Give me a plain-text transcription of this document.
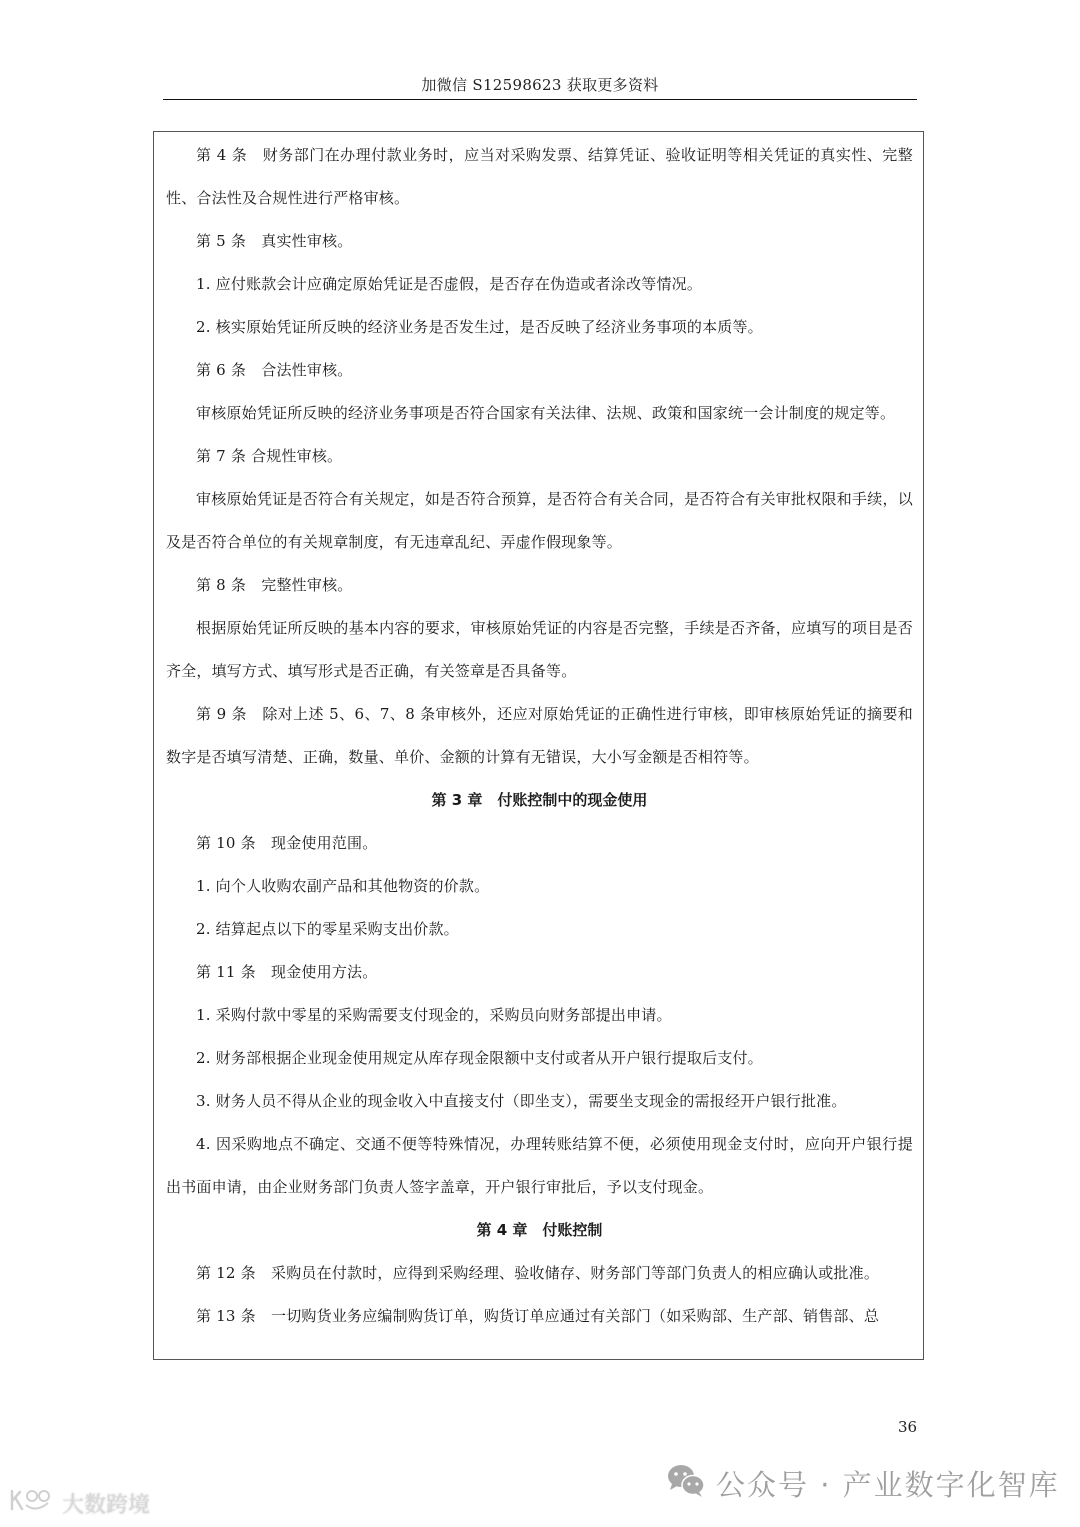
加微信 S12598623 获取更多资料

第 4 条　财务部门在办理付款业务时，应当对采购发票、结算凭证、验收证明等相关凭证的真实性、完整性、合法性及合规性进行严格审核。

第 5 条　真实性审核。

1. 应付账款会计应确定原始凭证是否虚假，是否存在伪造或者涂改等情况。

2. 核实原始凭证所反映的经济业务是否发生过，是否反映了经济业务事项的本质等。

第 6 条　合法性审核。

审核原始凭证所反映的经济业务事项是否符合国家有关法律、法规、政策和国家统一会计制度的规定等。

第 7 条 合规性审核。

审核原始凭证是否符合有关规定，如是否符合预算，是否符合有关合同，是否符合有关审批权限和手续，以及是否符合单位的有关规章制度，有无违章乱纪、弄虚作假现象等。

第 8 条　完整性审核。

根据原始凭证所反映的基本内容的要求，审核原始凭证的内容是否完整，手续是否齐备，应填写的项目是否齐全，填写方式、填写形式是否正确，有关签章是否具备等。

第 9 条　除对上述 5、6、7、8 条审核外，还应对原始凭证的正确性进行审核，即审核原始凭证的摘要和数字是否填写清楚、正确，数量、单价、金额的计算有无错误，大小写金额是否相符等。

第 3 章　付账控制中的现金使用

第 10 条　现金使用范围。

1. 向个人收购农副产品和其他物资的价款。

2. 结算起点以下的零星采购支出价款。

第 11 条　现金使用方法。

1. 采购付款中零星的采购需要支付现金的，采购员向财务部提出申请。

2. 财务部根据企业现金使用规定从库存现金限额中支付或者从开户银行提取后支付。

3. 财务人员不得从企业的现金收入中直接支付（即坐支），需要坐支现金的需报经开户银行批准。

4. 因采购地点不确定、交通不便等特殊情况，办理转账结算不便，必须使用现金支付时，应向开户银行提出书面申请，由企业财务部门负责人签字盖章，开户银行审批后，予以支付现金。

第 4 章　付账控制

第 12 条　采购员在付款时，应得到采购经理、验收储存、财务部门等部门负责人的相应确认或批准。

第 13 条　一切购货业务应编制购货订单，购货订单应通过有关部门（如采购部、生产部、销售部、总

36
公众号 · 产业数字化智库
大数跨境
